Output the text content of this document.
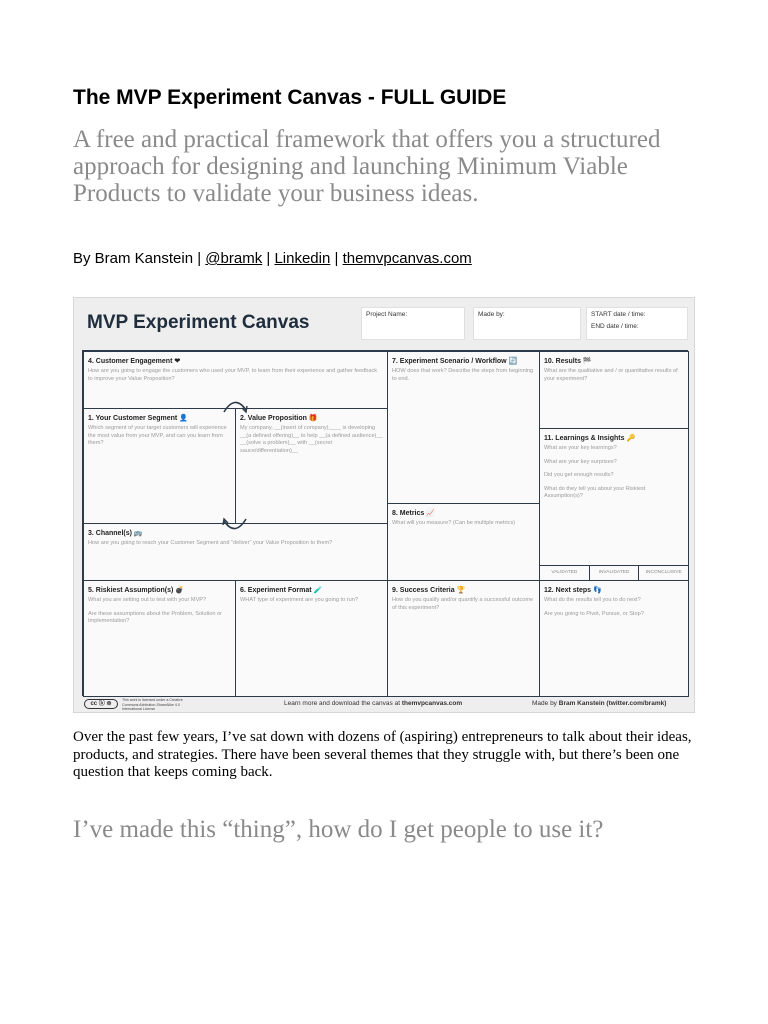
The MVP Experiment Canvas - FULL GUIDE
A free and practical framework that offers you a structured approach for designing and launching Minimum Viable Products to validate your business ideas.
By Bram Kanstein | @bramk | Linkedin | themvpcanvas.com
MVP Experiment Canvas	Project Name:	Made by:	START date / time:
END date / time:
4. Customer Engagement ❤
How are you going to engage the customers who used your MVP, to learn from their experience and gather feedback to improve your Value Proposition?
1. Your Customer Segment 👤
Which segment of your target customers will experience the most value from your MVP, and can you learn from them?
2. Value Proposition 🎁
My company, __(insert of company)____ is developing __(a defined offering)__ to help __(a defined audience)__ __(solve a problem)__ with __(secret sauce/differentiation)__
3. Channel(s) 🚌
How are you going to reach your Customer Segment and "deliver" your Value Proposition to them?
7. Experiment Scenario / Workflow 🔄
HOW does that work? Describe the steps from beginning to end.
8. Metrics 📈
What will you measure? (Can be multiple metrics)
10. Results 🏁
What are the qualitative and / or quantitative results of your experiment?
11. Learnings & Insights 🔑
What are your key learnings?
What are your key surprises?
Did you get enough results?
What do they tell you about your Riskiest Assumption(s)?
VALIDATED	INVALIDATED	INCONCLUSIVE
5. Riskiest Assumption(s) 💣
What you are setting out to test with your MVP?
Are these assumptions about the Problem, Solution or Implementation?
6. Experiment Format 🧪
WHAT type of experiment are you going to run?
9. Success Criteria 🏆
How do you qualify and/or quantify a successful outcome of this experiment?
12. Next steps 👣
What do the results tell you to do next?
Are you going to Pivot, Pursue, or Stop?
cc ⓑ ⊜
This work is licensed under a Creative Commons Attribution-ShareAlike 4.0 International License
Learn more and download the canvas at themvpcanvas.com	Made by Bram Kanstein (twitter.com/bramk)
Over the past few years, I’ve sat down with dozens of (aspiring) entrepreneurs to talk about their ideas, products, and strategies. There have been several themes that they struggle with, but there’s been one question that keeps coming back.
I’ve made this “thing”, how do I get people to use it?
